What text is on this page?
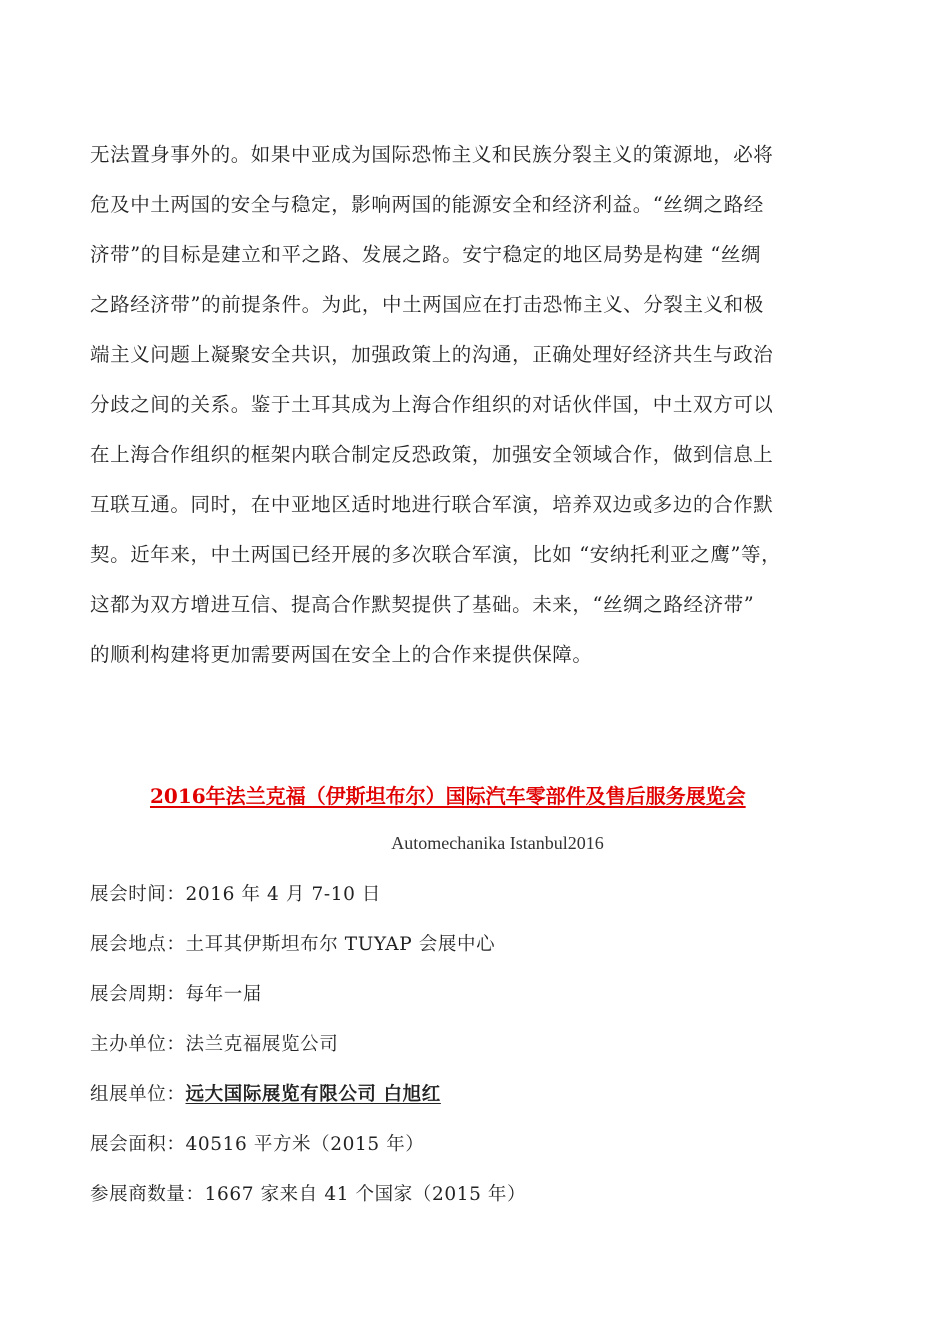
无法置身事外的。如果中亚成为国际恐怖主义和民族分裂主义的策源地，必将
危及中土两国的安全与稳定，影响两国的能源安全和经济利益。“丝绸之路经
济带”的目标是建立和平之路、发展之路。安宁稳定的地区局势是构建 “丝绸
之路经济带”的前提条件。为此，中土两国应在打击恐怖主义、分裂主义和极
端主义问题上凝聚安全共识，加强政策上的沟通，正确处理好经济共生与政治
分歧之间的关系。鉴于土耳其成为上海合作组织的对话伙伴国，中土双方可以
在上海合作组织的框架内联合制定反恐政策，加强安全领域合作，做到信息上
互联互通。同时，在中亚地区适时地进行联合军演，培养双边或多边的合作默
契。近年来，中土两国已经开展的多次联合军演，比如 “安纳托利亚之鹰”等，
这都为双方增进互信、提高合作默契提供了基础。未来，“丝绸之路经济带”
的顺利构建将更加需要两国在安全上的合作来提供保障。
2016年法兰克福（伊斯坦布尔）国际汽车零部件及售后服务展览会
Automechanika Istanbul2016
展会时间：2016 年 4 月 7-10 日
展会地点：土耳其伊斯坦布尔 TUYAP 会展中心
展会周期：每年一届
主办单位：法兰克福展览公司
组展单位：远大国际展览有限公司 白旭红
展会面积：40516 平方米（2015 年）
参展商数量：1667 家来自 41 个国家（2015 年）
